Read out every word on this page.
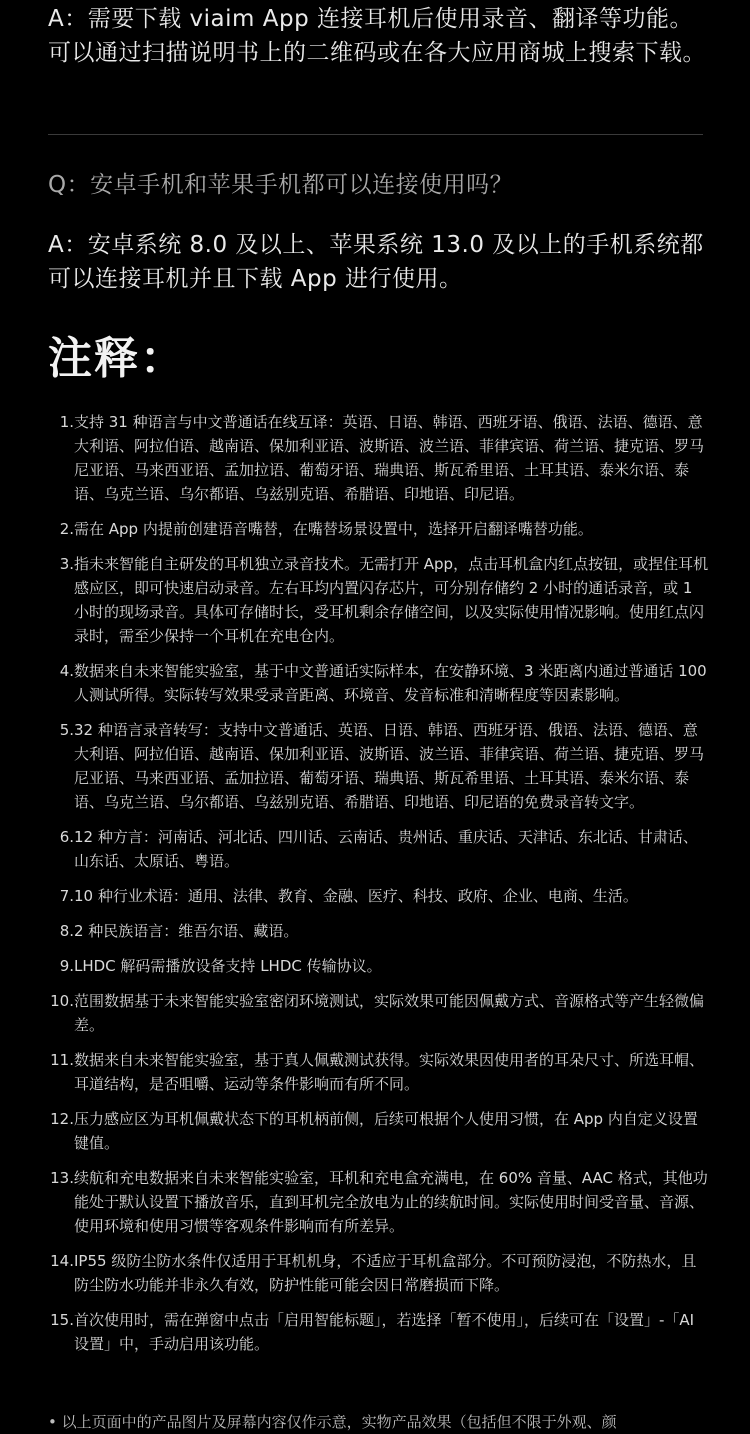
A：需要下载 viaim App 连接耳机后使用录音、翻译等功能。可以通过扫描说明书上的二维码或在各大应用商城上搜索下载。
Q：安卓手机和苹果手机都可以连接使用吗？
A：安卓系统 8.0 及以上、苹果系统 13.0 及以上的手机系统都可以连接耳机并且下载 App 进行使用。
注释：
1. 支持 31 种语言与中文普通话在线互译：英语、日语、韩语、西班牙语、俄语、法语、德语、意大利语、阿拉伯语、越南语、保加利亚语、波斯语、波兰语、菲律宾语、荷兰语、捷克语、罗马尼亚语、马来西亚语、孟加拉语、葡萄牙语、瑞典语、斯瓦希里语、土耳其语、泰米尔语、泰语、乌克兰语、乌尔都语、乌兹别克语、希腊语、印地语、印尼语。
2. 需在 App 内提前创建语音嘴替，在嘴替场景设置中，选择开启翻译嘴替功能。
3. 指未来智能自主研发的耳机独立录音技术。无需打开 App，点击耳机盒内红点按钮，或捏住耳机感应区，即可快速启动录音。左右耳均内置闪存芯片，可分别存储约 2 小时的通话录音，或 1 小时的现场录音。具体可存储时长，受耳机剩余存储空间，以及实际使用情况影响。使用红点闪录时，需至少保持一个耳机在充电仓内。
4. 数据来自未来智能实验室，基于中文普通话实际样本，在安静环境、3 米距离内通过普通话 100 人测试所得。实际转写效果受录音距离、环境音、发音标准和清晰程度等因素影响。
5. 32 种语言录音转写：支持中文普通话、英语、日语、韩语、西班牙语、俄语、法语、德语、意大利语、阿拉伯语、越南语、保加利亚语、波斯语、波兰语、菲律宾语、荷兰语、捷克语、罗马尼亚语、马来西亚语、孟加拉语、葡萄牙语、瑞典语、斯瓦希里语、土耳其语、泰米尔语、泰语、乌克兰语、乌尔都语、乌兹别克语、希腊语、印地语、印尼语的免费录音转文字。
6. 12 种方言：河南话、河北话、四川话、云南话、贵州话、重庆话、天津话、东北话、甘肃话、山东话、太原话、粤语。
7. 10 种行业术语：通用、法律、教育、金融、医疗、科技、政府、企业、电商、生活。
8. 2 种民族语言：维吾尔语、藏语。
9. LHDC 解码需播放设备支持 LHDC 传输协议。
10. 范围数据基于未来智能实验室密闭环境测试，实际效果可能因佩戴方式、音源格式等产生轻微偏差。
11. 数据来自未来智能实验室，基于真人佩戴测试获得。实际效果因使用者的耳朵尺寸、所选耳帽、耳道结构，是否咀嚼、运动等条件影响而有所不同。
12. 压力感应区为耳机佩戴状态下的耳机柄前侧，后续可根据个人使用习惯，在 App 内自定义设置键值。
13. 续航和充电数据来自未来智能实验室，耳机和充电盒充满电，在 60% 音量、AAC 格式，其他功能处于默认设置下播放音乐，直到耳机完全放电为止的续航时间。实际使用时间受音量、音源、使用环境和使用习惯等客观条件影响而有所差异。
14. IP55 级防尘防水条件仅适用于耳机机身，不适应于耳机盒部分。不可预防浸泡，不防热水，且防尘防水功能并非永久有效，防护性能可能会因日常磨损而下降。
15. 首次使用时，需在弹窗中点击「启用智能标题」，若选择「暂不使用」，后续可在「设置」-「AI 设置」中，手动启用该功能。
• 以上页面中的产品图片及屏幕内容仅作示意，实物产品效果（包括但不限于外观、颜
